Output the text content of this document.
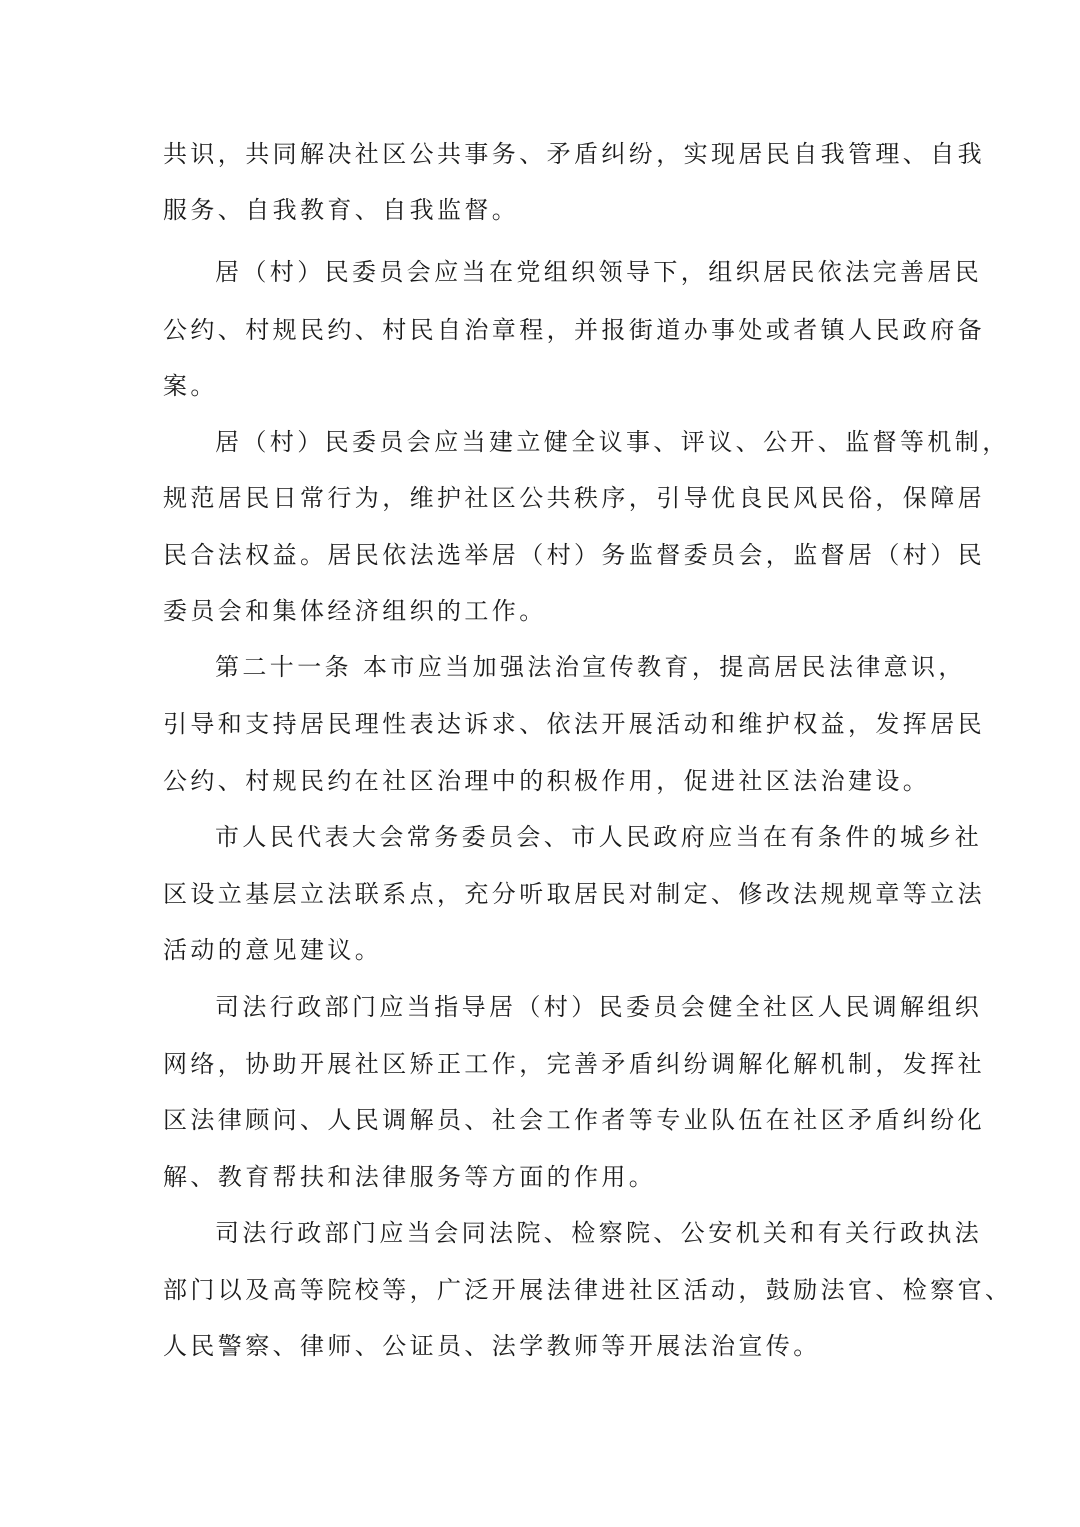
共识，共同解决社区公共事务、矛盾纠纷，实现居民自我管理、自我
服务、自我教育、自我监督。
居（村）民委员会应当在党组织领导下，组织居民依法完善居民
公约、村规民约、村民自治章程，并报街道办事处或者镇人民政府备
案。
居（村）民委员会应当建立健全议事、评议、公开、监督等机制，
规范居民日常行为，维护社区公共秩序，引导优良民风民俗，保障居
民合法权益。居民依法选举居（村）务监督委员会，监督居（村）民
委员会和集体经济组织的工作。
第二十一条 本市应当加强法治宣传教育，提高居民法律意识，
引导和支持居民理性表达诉求、依法开展活动和维护权益，发挥居民
公约、村规民约在社区治理中的积极作用，促进社区法治建设。
市人民代表大会常务委员会、市人民政府应当在有条件的城乡社
区设立基层立法联系点，充分听取居民对制定、修改法规规章等立法
活动的意见建议。
司法行政部门应当指导居（村）民委员会健全社区人民调解组织
网络，协助开展社区矫正工作，完善矛盾纠纷调解化解机制，发挥社
区法律顾问、人民调解员、社会工作者等专业队伍在社区矛盾纠纷化
解、教育帮扶和法律服务等方面的作用。
司法行政部门应当会同法院、检察院、公安机关和有关行政执法
部门以及高等院校等，广泛开展法律进社区活动，鼓励法官、检察官、
人民警察、律师、公证员、法学教师等开展法治宣传。
